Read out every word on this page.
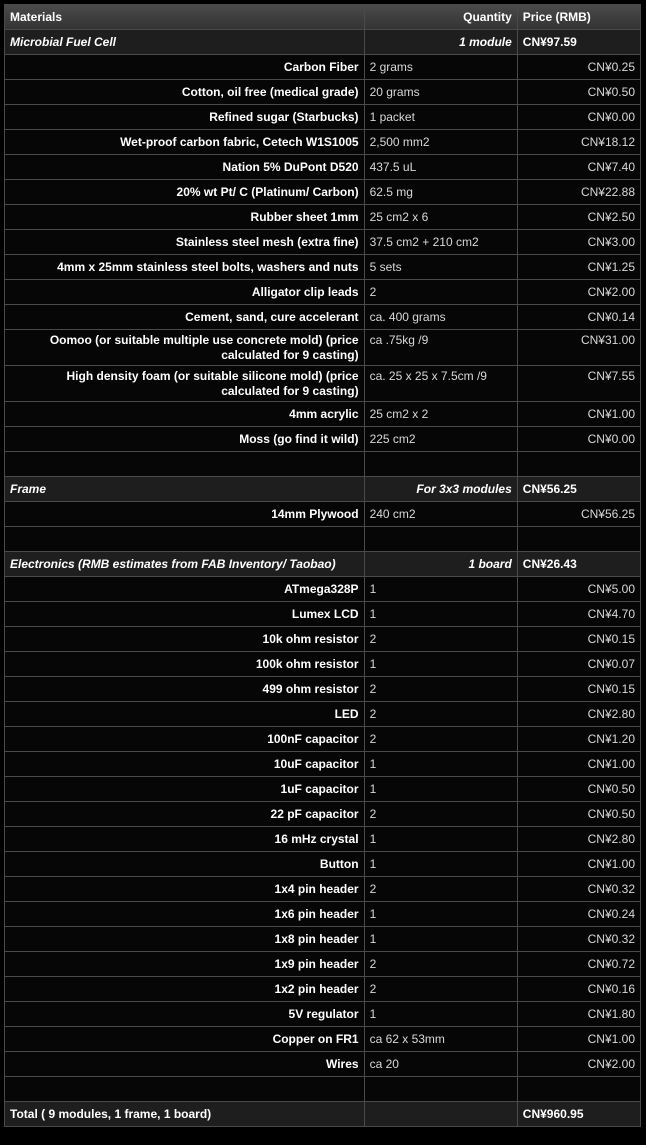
Materials	Quantity	Price (RMB)
Microbial Fuel Cell	1 module	CN¥97.59
Carbon Fiber	2 grams	CN¥0.25
Cotton, oil free (medical grade)	20 grams	CN¥0.50
Refined sugar (Starbucks)	1 packet	CN¥0.00
Wet-proof carbon fabric, Cetech W1S1005	2,500 mm2	CN¥18.12
Nation 5% DuPont D520	437.5 uL	CN¥7.40
20% wt Pt/ C (Platinum/ Carbon)	62.5 mg	CN¥22.88
Rubber sheet 1mm	25 cm2 x 6	CN¥2.50
Stainless steel mesh (extra fine)	37.5 cm2 + 210 cm2	CN¥3.00
4mm x 25mm stainless steel bolts, washers and nuts	5 sets	CN¥1.25
Alligator clip leads	2	CN¥2.00
Cement, sand, cure accelerant	ca. 400 grams	CN¥0.14
Oomoo (or suitable multiple use concrete mold) (price calculated for 9 casting)	ca .75kg /9	CN¥31.00
High density foam (or suitable silicone mold) (price calculated for 9 casting)	ca. 25 x 25 x 7.5cm /9	CN¥7.55
4mm acrylic	25 cm2 x 2	CN¥1.00
Moss (go find it wild)	225 cm2	CN¥0.00

Frame	For 3x3 modules	CN¥56.25
14mm Plywood	240 cm2	CN¥56.25

Electronics (RMB estimates from FAB Inventory/ Taobao)	1 board	CN¥26.43
ATmega328P	1	CN¥5.00
Lumex LCD	1	CN¥4.70
10k ohm resistor	2	CN¥0.15
100k ohm resistor	1	CN¥0.07
499 ohm resistor	2	CN¥0.15
LED	2	CN¥2.80
100nF capacitor	2	CN¥1.20
10uF capacitor	1	CN¥1.00
1uF capacitor	1	CN¥0.50
22 pF capacitor	2	CN¥0.50
16 mHz crystal	1	CN¥2.80
Button	1	CN¥1.00
1x4 pin header	2	CN¥0.32
1x6 pin header	1	CN¥0.24
1x8 pin header	1	CN¥0.32
1x9 pin header	2	CN¥0.72
1x2 pin header	2	CN¥0.16
5V regulator	1	CN¥1.80
Copper on FR1	ca 62 x 53mm	CN¥1.00
Wires	ca 20	CN¥2.00

Total ( 9 modules, 1 frame, 1 board)		CN¥960.95
